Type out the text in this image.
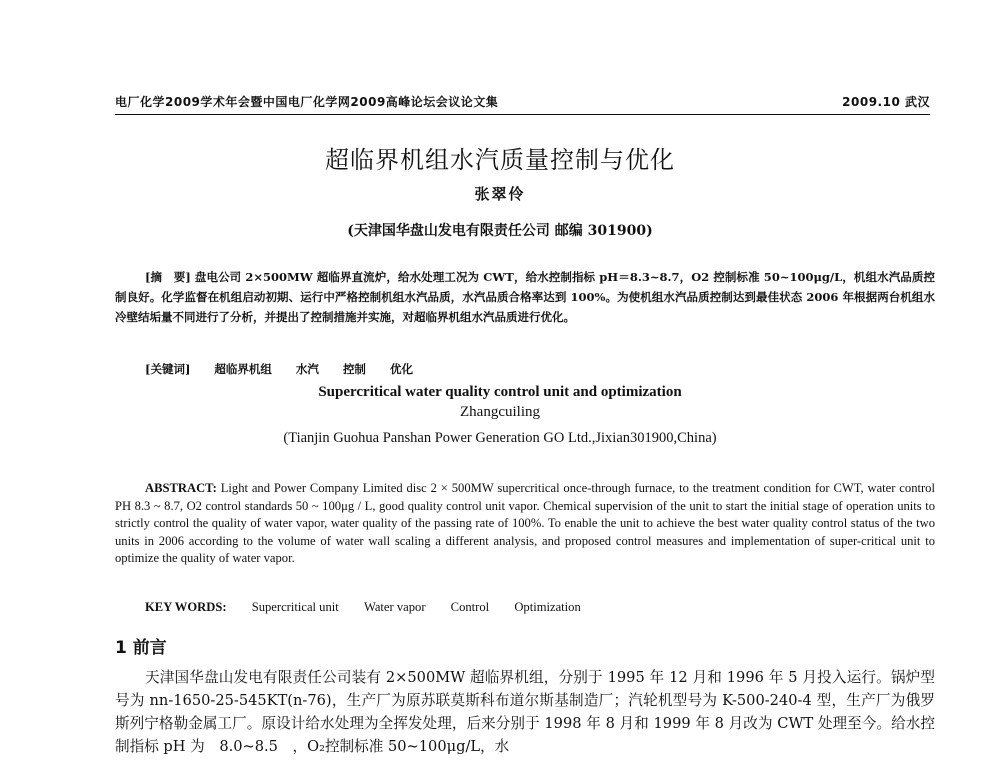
电厂化学2009学术年会暨中国电厂化学网2009高峰论坛会议论文集	2009.10 武汉
超临界机组水汽质量控制与优化
张翠伶
(天津国华盘山发电有限责任公司 邮编 301900)
[摘　要] 盘电公司 2×500MW 超临界直流炉，给水处理工况为 CWT，给水控制指标 pH＝8.3~8.7，O2 控制标准 50~100μg/L，机组水汽品质控制良好。化学监督在机组启动初期、运行中严格控制机组水汽品质，水汽品质合格率达到 100%。为使机组水汽品质控制达到最佳状态 2006 年根据两台机组水冷壁结垢量不同进行了分析，并提出了控制措施并实施，对超临界机组水汽品质进行优化。
[关键词] 超临界机组 水汽 控制 优化
Supercritical water quality control unit and optimization
Zhangcuiling
(Tianjin Guohua Panshan Power Generation GO Ltd.,Jixian301900,China)
ABSTRACT: Light and Power Company Limited disc 2 × 500MW supercritical once-through furnace, to the treatment condition for CWT, water control PH 8.3 ~ 8.7, O2 control standards 50 ~ 100μg / L, good quality control unit vapor. Chemical supervision of the unit to start the initial stage of operation units to strictly control the quality of water vapor, water quality of the passing rate of 100%. To enable the unit to achieve the best water quality control status of the two units in 2006 according to the volume of water wall scaling a different analysis, and proposed control measures and implementation of super-critical unit to optimize the quality of water vapor.
KEY WORDS: Supercritical unit Water vapor Control Optimization
1 前言
天津国华盘山发电有限责任公司装有 2×500MW 超临界机组，分别于 1995 年 12 月和 1996 年 5 月投入运行。锅炉型号为 nn-1650-25-545KT(n-76)，生产厂为原苏联莫斯科布道尔斯基制造厂；汽轮机型号为 K-500-240-4 型，生产厂为俄罗斯列宁格勒金属工厂。原设计给水处理为全挥发处理，后来分别于 1998 年 8 月和 1999 年 8 月改为 CWT 处理至今。给水控制指标 pH 为　8.0~8.5　，O₂控制标准 50~100μg/L，水
